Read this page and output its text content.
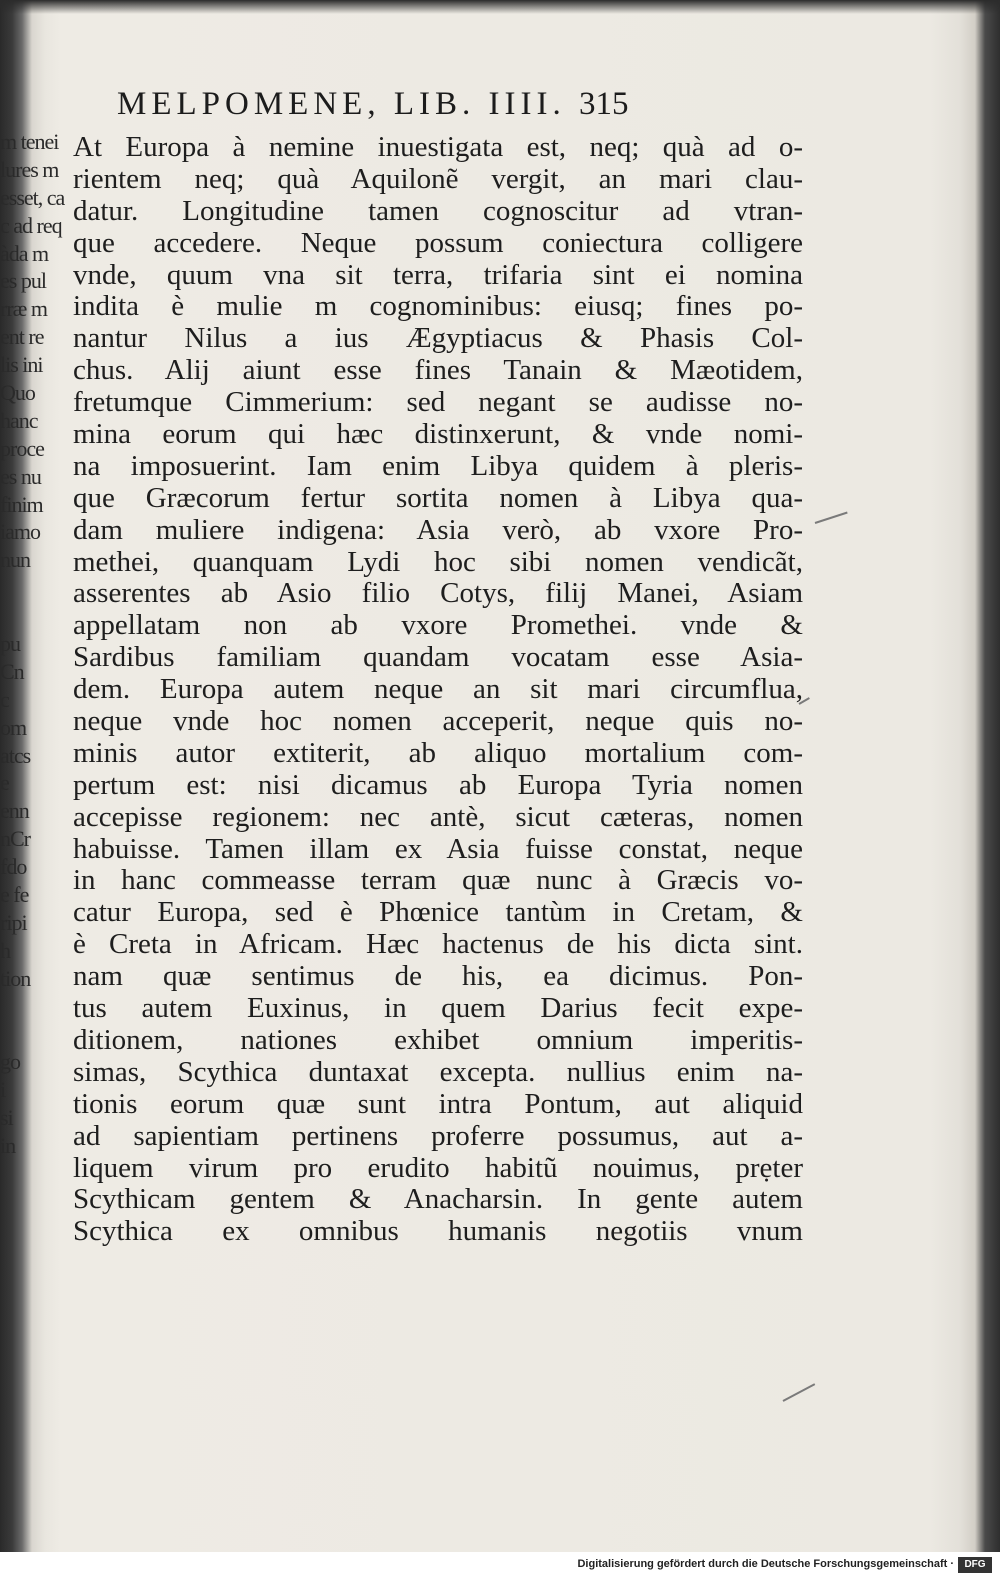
m tenei
lures m
esset, ca
c ad req
àda m
es pul
rræ m
ent re
lis ini
Quo
hanc
proce
es nu
finim
iamo
nun
pu
Cn
c
om
atcs
e
enn
nCr
fdo
e fe
ripi
h
tion
go
i
si
in
MELPOMENE, LIB. IIII. 315
At Europa à nemine inuestigata est, neq; quà ad o-
rientem neq; quà Aquilonẽ vergit, an mari clau-
datur. Longitudine tamen cognoscitur ad vtran-
que accedere. Neque possum coniectura colligere
vnde, quum vna sit terra, trifaria sint ei nomina
indita è mulie m cognominibus: eiusq; fines po-
nantur Nilus a ius Ægyptiacus & Phasis Col-
chus. Alij aiunt esse fines Tanain & Mæotidem,
fretumque Cimmerium: sed negant se audisse no-
mina eorum qui hæc distinxerunt, & vnde nomi-
na imposuerint. Iam enim Libya quidem à pleris-
que Græcorum fertur sortita nomen à Libya qua-
dam muliere indigena: Asia verò, ab vxore Pro-
methei, quanquam Lydi hoc sibi nomen vendicãt,
asserentes ab Asio filio Cotys, filij Manei, Asiam
appellatam non ab vxore Promethei. vnde &
Sardibus familiam quandam vocatam esse Asia-
dem. Europa autem neque an sit mari circumflua,
neque vnde hoc nomen acceperit, neque quis no-
minis autor extiterit, ab aliquo mortalium com-
pertum est: nisi dicamus ab Europa Tyria nomen
accepisse regionem: nec antè, sicut cæteras, nomen
habuisse. Tamen illam ex Asia fuisse constat, neque
in hanc commeasse terram quæ nunc à Græcis vo-
catur Europa, sed è Phœnice tantùm in Cretam, &
è Creta in Africam. Hæc hactenus de his dicta sint.
nam quæ sentimus de his, ea dicimus. Pon-
tus autem Euxinus, in quem Darius fecit expe-
ditionem, nationes exhibet omnium imperitis-
simas, Scythica duntaxat excepta. nullius enim na-
tionis eorum quæ sunt intra Pontum, aut aliquid
ad sapientiam pertinens proferre possumus, aut a-
liquem virum pro erudito habitũ nouimus, prẹter
Scythicam gentem & Anacharsin. In gente autem
Scythica ex omnibus humanis negotiis vnum
Digitalisierung gefördert durch die Deutsche Forschungsgemeinschaft ·	DFG
